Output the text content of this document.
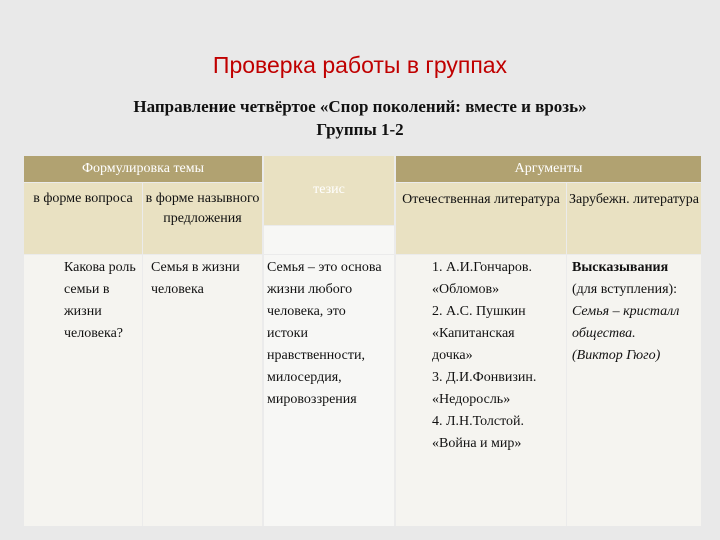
Проверка работы в группах
Направление четвёртое «Спор поколений: вместе и врозь»
Группы 1-2
Формулировка темы
тезис
Аргументы
в форме вопроса в форме назывного предложения
Отечественная литература Зарубежн. литература
Какова роль семьи в жизни человека?
Семья в жизни человека
Семья – это основа жизни любого человека, это истоки нравственности, милосердия, мировоззрения
1. А.И.Гончаров.
«Обломов»
2. А.С. Пушкин
«Капитанская
дочка»
3. Д.И.Фонвизин.
«Недоросль»
4. Л.Н.Толстой.
«Война и мир»
Высказывания
(для вступления):
Семья – кристалл общества.
(Виктор Гюго)
